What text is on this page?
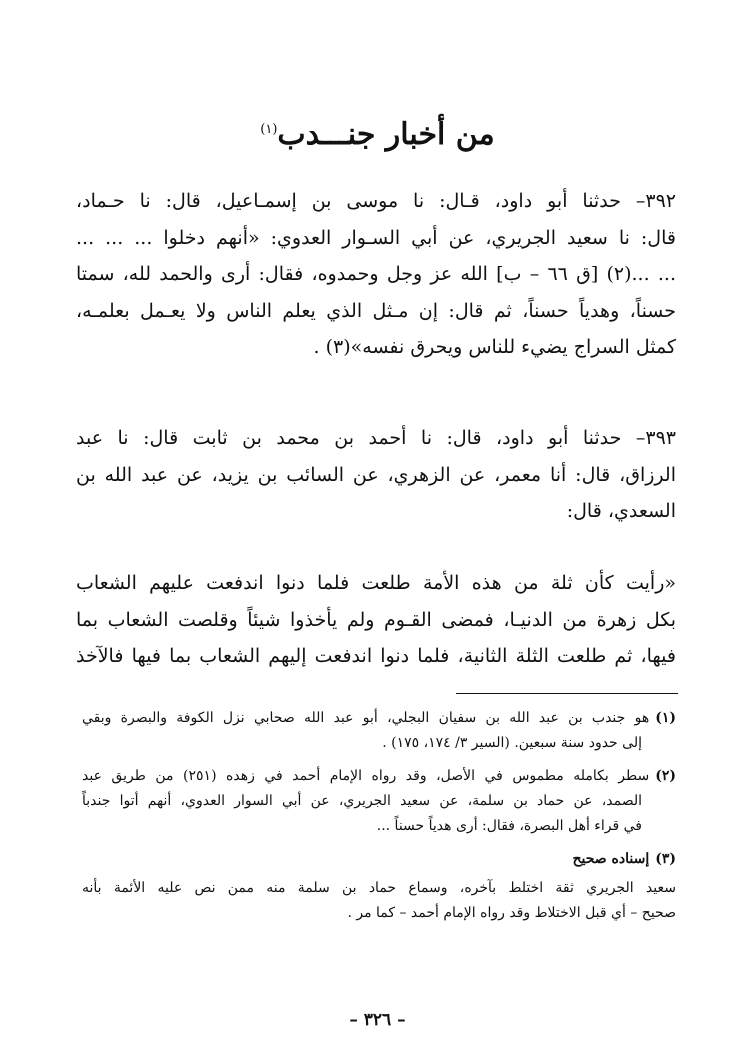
من أخبار جنـــدب$^{(١)}$
٣٩٢– حدثنا أبو داود، قـال: نا موسى بن إسمـاعيل، قال: نا حـماد،
قال: نا سعيد الجريري، عن أبي السـوار العدوي: «أنهم دخلوا ... ... ...
... ...(٢) [ق ٦٦ – ب] الله عز وجل وحمدوه، فقال: أرى والحمد لله، سمتا
حسناً، وهدياً حسناً، ثم قال: إن مـثل الذي يعلم الناس ولا يعـمل بعلمـه،
كمثل السراج يضيء للناس ويحرق نفسه»(٣) .
٣٩٣– حدثنا أبو داود، قال: نا أحمد بن محمد بن ثابت قال: نا عبد
الرزاق، قال: أنا معمر، عن الزهري، عن السائب بن يزيد، عن عبد الله بن
السعدي، قال:
«رأيت كأن ثلة من هذه الأمة طلعت فلما دنوا اندفعت عليهم الشعاب
بكل زهرة من الدنيـا، فمضى القـوم ولم يأخذوا شيئاً وقلصت الشعاب بما
فيها، ثم طلعت الثلة الثانية، فلما دنوا اندفعت إليهم الشعاب بما فيها فالآخذ
(١)هو جندب بن عبد الله بن سفيان البجلي، أبو عبد الله صحابي نزل الكوفة والبصرة وبقي
إلى حدود سنة سبعين. (السير ٣/ ١٧٤، ١٧٥) .
(٢)سطر بكامله مطموس في الأصل، وقد رواه الإمام أحمد في زهده (٢٥١) من طريق عبد
الصمد، عن حماد بن سلمة، عن سعيد الجريري، عن أبي السوار العدوي، أنهم أتوا جندباً
في قراء أهل البصرة، فقال: أرى هدياً حسناً ...
(٣)إسناده صحيح
سعيد الجريري ثقة اختلط بآخره، وسماع حماد بن سلمة منه ممن نص عليه الأئمة بأنه
صحيح – أي قبل الاختلاط وقد رواه الإمام أحمد – كما مر .

– ٣٢٦ –
